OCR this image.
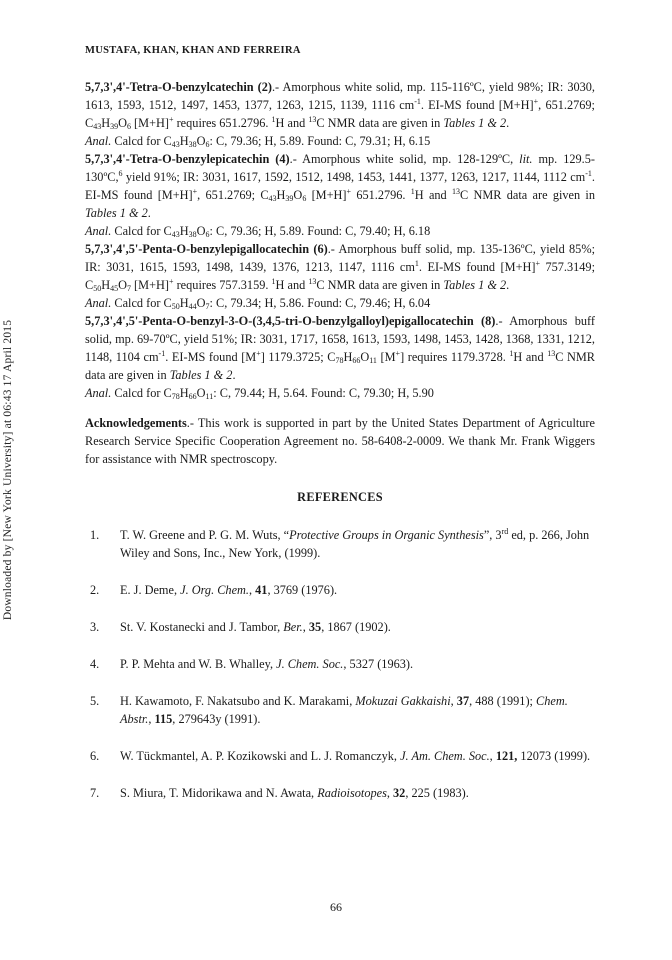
Downloaded by [New York University] at 06:43 17 April 2015
MUSTAFA, KHAN, KHAN AND FERREIRA

5,7,3',4'-Tetra-O-benzylcatechin (2).- Amorphous white solid, mp. 115-116ºC, yield 98%; IR: 3030, 1613, 1593, 1512, 1497, 1453, 1377, 1263, 1215, 1139, 1116 $cm^{-1}$. EI-MS found [M+H]+, 651.2769; $C_{43}H_{39}O_6$ [M+H]+ requires 651.2796. $^1$H and $^{13}$C NMR data are given in Tables 1 & 2.

Anal. Calcd for $C_{43}H_{38}O_6$: C, 79.36; H, 5.89. Found: C, 79.31; H, 6.15

5,7,3',4'-Tetra-O-benzylepicatechin (4).- Amorphous white solid, mp. 128-129ºC, lit. mp. 129.5-130ºC,$^6$ yield 91%; IR: 3031, 1617, 1592, 1512, 1498, 1453, 1441, 1377, 1263, 1217, 1144, 1112 $cm^{-1}$. EI-MS found [M+H]+, 651.2769; $C_{43}H_{39}O_6$ [M+H]+ 651.2796. $^1$H and $^{13}$C NMR data are given in Tables 1 & 2.

Anal. Calcd for $C_{43}H_{38}O_6$: C, 79.36; H, 5.89. Found: C, 79.40; H, 6.18

5,7,3',4',5'-Penta-O-benzylepigallocatechin (6).- Amorphous buff solid, mp. 135-136ºC, yield 85%; IR: 3031, 1615, 1593, 1498, 1439, 1376, 1213, 1147, 1116 $cm^1$. EI-MS found [M+H]+ 757.3149; $C_{50}H_{45}O_7$ [M+H]+ requires 757.3159. $^1$H and $^{13}$C NMR data are given in Tables 1 & 2.

Anal. Calcd for $C_{50}H_{44}O_7$: C, 79.34; H, 5.86. Found: C, 79.46; H, 6.04

5,7,3',4',5'-Penta-O-benzyl-3-O-(3,4,5-tri-O-benzylgalloyl)epigallocatechin (8).- Amorphous buff solid, mp. 69-70ºC, yield 51%; IR: 3031, 1717, 1658, 1613, 1593, 1498, 1453, 1428, 1368, 1331, 1212, 1148, 1104 $cm^{-1}$. EI-MS found [M+] 1179.3725; $C_{78}H_{66}O_{11}$ [M+] requires 1179.3728. $^1$H and $^{13}$C NMR data are given in Tables 1 & 2.

Anal. Calcd for $C_{78}H_{66}O_{11}$: C, 79.44; H, 5.64. Found: C, 79.30; H, 5.90

Acknowledgements.- This work is supported in part by the United States Department of Agriculture Research Service Specific Cooperation Agreement no. 58-6408-2-0009. We thank Mr. Frank Wiggers for assistance with NMR spectroscopy.

REFERENCES
1.	T. W. Greene and P. G. M. Wuts, “Protective Groups in Organic Synthesis”, 3rd ed, p. 266, John Wiley and Sons, Inc., New York, (1999).
2.	E. J. Deme, J. Org. Chem., 41, 3769 (1976).
3.	St. V. Kostanecki and J. Tambor, Ber., 35, 1867 (1902).
4.	P. P. Mehta and W. B. Whalley, J. Chem. Soc., 5327 (1963).
5.	H. Kawamoto, F. Nakatsubo and K. Marakami, Mokuzai Gakkaishi, 37, 488 (1991); Chem. Abstr., 115, 279643y (1991).
6.	W. Tückmantel, A. P. Kozikowski and L. J. Romanczyk, J. Am. Chem. Soc., 121, 12073 (1999).
7.	S. Miura, T. Midorikawa and N. Awata, Radioisotopes, 32, 225 (1983).
66
